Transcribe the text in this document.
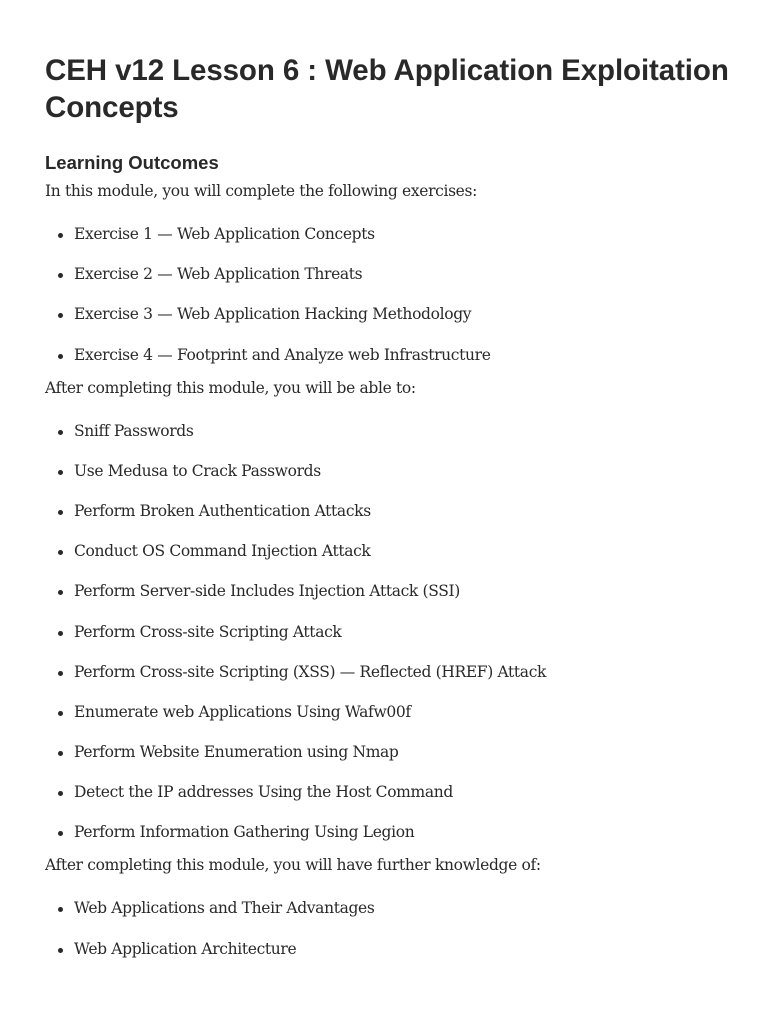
CEH v12 Lesson 6 : Web Application Exploitation Concepts
Learning Outcomes

In this module, you will complete the following exercises:

Exercise 1 — Web Application Concepts
Exercise 2 — Web Application Threats
Exercise 3 — Web Application Hacking Methodology
Exercise 4 — Footprint and Analyze web Infrastructure

After completing this module, you will be able to:

Sniff Passwords
Use Medusa to Crack Passwords
Perform Broken Authentication Attacks
Conduct OS Command Injection Attack
Perform Server-side Includes Injection Attack (SSI)
Perform Cross-site Scripting Attack
Perform Cross-site Scripting (XSS) — Reflected (HREF) Attack
Enumerate web Applications Using Wafw00f
Perform Website Enumeration using Nmap
Detect the IP addresses Using the Host Command
Perform Information Gathering Using Legion

After completing this module, you will have further knowledge of:

Web Applications and Their Advantages
Web Application Architecture
